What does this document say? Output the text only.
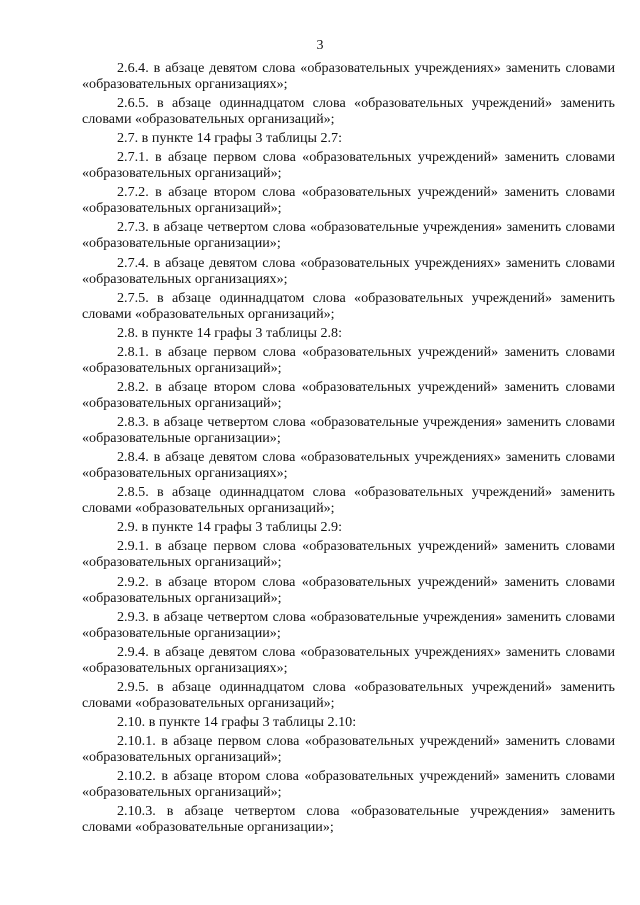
3

2.6.4. в абзаце девятом слова «образовательных учреждениях» заменить словами «образовательных организациях»;

2.6.5. в абзаце одиннадцатом слова «образовательных учреждений» заменить словами «образовательных организаций»;

2.7. в пункте 14 графы 3 таблицы 2.7:

2.7.1. в абзаце первом слова «образовательных учреждений» заменить словами «образовательных организаций»;

2.7.2. в абзаце втором слова «образовательных учреждений» заменить словами «образовательных организаций»;

2.7.3. в абзаце четвертом слова «образовательные учреждения» заменить словами «образовательные организации»;

2.7.4. в абзаце девятом слова «образовательных учреждениях» заменить словами «образовательных организациях»;

2.7.5. в абзаце одиннадцатом слова «образовательных учреждений» заменить словами «образовательных организаций»;

2.8. в пункте 14 графы 3 таблицы 2.8:

2.8.1. в абзаце первом слова «образовательных учреждений» заменить словами «образовательных организаций»;

2.8.2. в абзаце втором слова «образовательных учреждений» заменить словами «образовательных организаций»;

2.8.3. в абзаце четвертом слова «образовательные учреждения» заменить словами «образовательные организации»;

2.8.4. в абзаце девятом слова «образовательных учреждениях» заменить словами «образовательных организациях»;

2.8.5. в абзаце одиннадцатом слова «образовательных учреждений» заменить словами «образовательных организаций»;

2.9. в пункте 14 графы 3 таблицы 2.9:

2.9.1. в абзаце первом слова «образовательных учреждений» заменить словами «образовательных организаций»;

2.9.2. в абзаце втором слова «образовательных учреждений» заменить словами «образовательных организаций»;

2.9.3. в абзаце четвертом слова «образовательные учреждения» заменить словами «образовательные организации»;

2.9.4. в абзаце девятом слова «образовательных учреждениях» заменить словами «образовательных организациях»;

2.9.5. в абзаце одиннадцатом слова «образовательных учреждений» заменить словами «образовательных организаций»;

2.10. в пункте 14 графы 3 таблицы 2.10:

2.10.1. в абзаце первом слова «образовательных учреждений» заменить словами «образовательных организаций»;

2.10.2. в абзаце втором слова «образовательных учреждений» заменить словами «образовательных организаций»;

2.10.3. в абзаце четвертом слова «образовательные учреждения» заменить словами «образовательные организации»;
